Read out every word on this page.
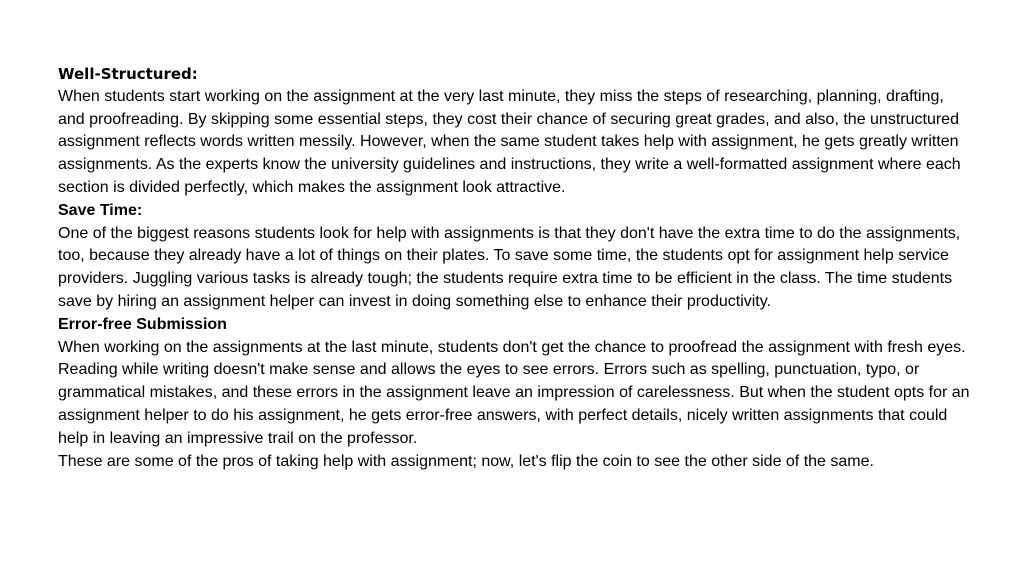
Well-Structured:

When students start working on the assignment at the very last minute, they miss the steps of researching, planning, drafting, and proofreading. By skipping some essential steps, they cost their chance of securing great grades, and also, the unstructured assignment reflects words written messily. However, when the same student takes help with assignment, he gets greatly written assignments. As the experts know the university guidelines and instructions, they write a well-formatted assignment where each section is divided perfectly, which makes the assignment look attractive.

Save Time:

One of the biggest reasons students look for help with assignments is that they don't have the extra time to do the assignments, too, because they already have a lot of things on their plates. To save some time, the students opt for assignment help service providers. Juggling various tasks is already tough; the students require extra time to be efficient in the class. The time students save by hiring an assignment helper can invest in doing something else to enhance their productivity.

Error-free Submission

When working on the assignments at the last minute, students don't get the chance to proofread the assignment with fresh eyes. Reading while writing doesn't make sense and allows the eyes to see errors. Errors such as spelling, punctuation, typo, or grammatical mistakes, and these errors in the assignment leave an impression of carelessness. But when the student opts for an assignment helper to do his assignment, he gets error-free answers, with perfect details, nicely written assignments that could help in leaving an impressive trail on the professor.

These are some of the pros of taking help with assignment; now, let's flip the coin to see the other side of the same.
